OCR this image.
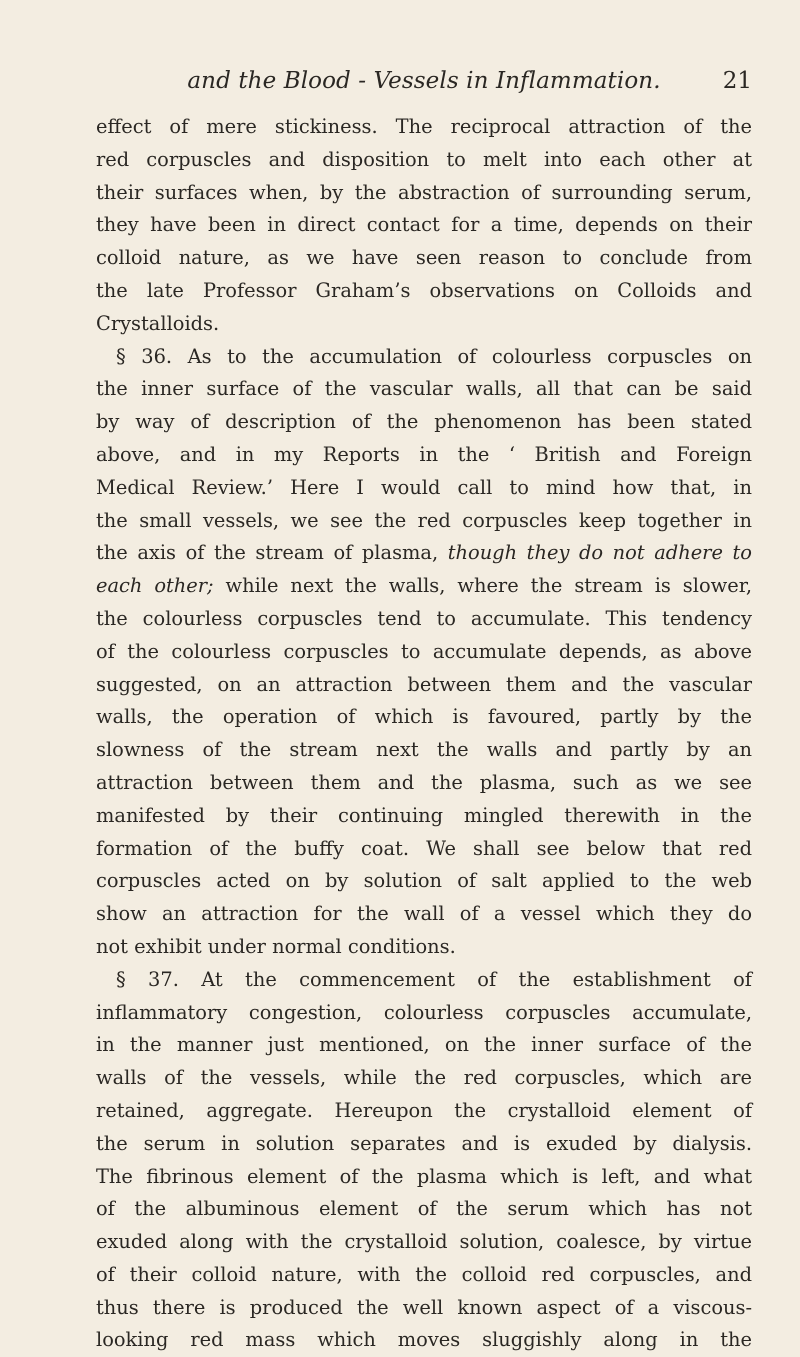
and the Blood - Vessels in Inflammation.	21
effect of mere stickiness. The reciprocal attraction of the
red corpuscles and disposition to melt into each other at
their surfaces when, by the abstraction of surrounding serum,
they have been in direct contact for a time, depends on their
colloid nature, as we have seen reason to conclude from
the late Professor Graham’s observations on Colloids and
Crystalloids.
§ 36. As to the accumulation of colourless corpuscles on
the inner surface of the vascular walls, all that can be said
by way of description of the phenomenon has been stated
above, and in my Reports in the ‘ British and Foreign
Medical Review.’ Here I would call to mind how that, in
the small vessels, we see the red corpuscles keep together in
the axis of the stream of plasma, though they do not adhere to
each other; while next the walls, where the stream is slower,
the colourless corpuscles tend to accumulate. This tendency
of the colourless corpuscles to accumulate depends, as above
suggested, on an attraction between them and the vascular
walls, the operation of which is favoured, partly by the
slowness of the stream next the walls and partly by an
attraction between them and the plasma, such as we see
manifested by their continuing mingled therewith in the
formation of the buffy coat. We shall see below that red
corpuscles acted on by solution of salt applied to the web
show an attraction for the wall of a vessel which they do
not exhibit under normal conditions.
§ 37. At the commencement of the establishment of
inflammatory congestion, colourless corpuscles accumulate,
in the manner just mentioned, on the inner surface of the
walls of the vessels, while the red corpuscles, which are
retained, aggregate. Hereupon the crystalloid element of
the serum in solution separates and is exuded by dialysis.
The fibrinous element of the plasma which is left, and what
of the albuminous element of the serum which has not
exuded along with the crystalloid solution, coalesce, by virtue
of their colloid nature, with the colloid red corpuscles, and
thus there is produced the well known aspect of a viscous-
looking red mass which moves sluggishly along in the
